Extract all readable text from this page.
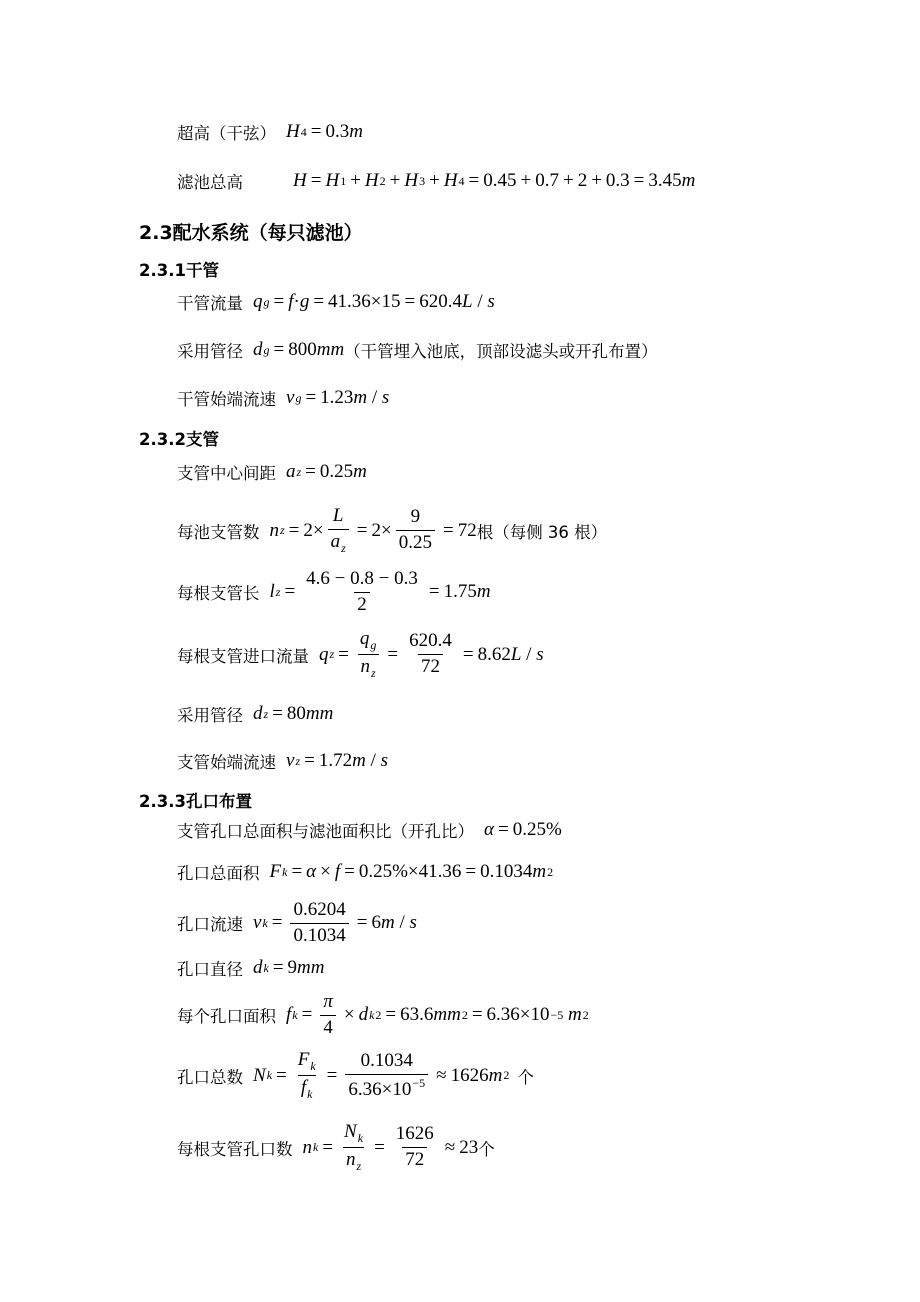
超高（干弦） H 4 = 0.3 m
滤池总高	H = H 1 + H 2 + H 3 + H 4 = 0.45 + 0.7 + 2 + 0.3 = 3.45 m
2.3配水系统（每只滤池）
2.3.1干管
干管流量 q g = f · g = 41.36×15 = 620.4 L / s
采用管径 d g = 800 mm （干管埋入池底，顶部设滤头或开孔布置）
干管始端流速 v g = 1.23 m / s
2.3.2支管
支管中心间距 a z = 0.25 m
每池支管数 n $z = 2\times \frac{L}{a_z} = 2\times \frac{9}{0.25} = 72$ 根 （每侧 36 根）
每根支管长 l $z = \frac{4.6 - 0.8 - 0.3}{2} = 1.75$ m
每根支管进口流量 q $z = \frac{q_g}{n_z} = \frac{620.4}{72} = 8.62$ L / s
采用管径 d z = 80 mm
支管始端流速 v z = 1.72 m / s
2.3.3孔口布置
支管孔口总面积与滤池面积比（开孔比） α = 0.25%
孔口总面积 F k = α × f = 0.25%×41.36 = 0.1034 m 2
孔口流速 v $k = \frac{0.6204}{0.1034} = 6$ m / s
孔口直径 d k = 9 mm
每个孔口面积 f $k = \frac{\pi}{4} \times d$ k 2 = 63.6 mm 2 = 6.36×10 −5
m 2
孔口总数 N $k = \frac{F_k}{f_k} = \frac{0.1034}{6.36\times 10^{-5}} \approx 1626$ m 2 个
每根支管孔口数 n $k = \frac{N_k}{n_z} = \frac{1626}{72} \approx 23$ 个
